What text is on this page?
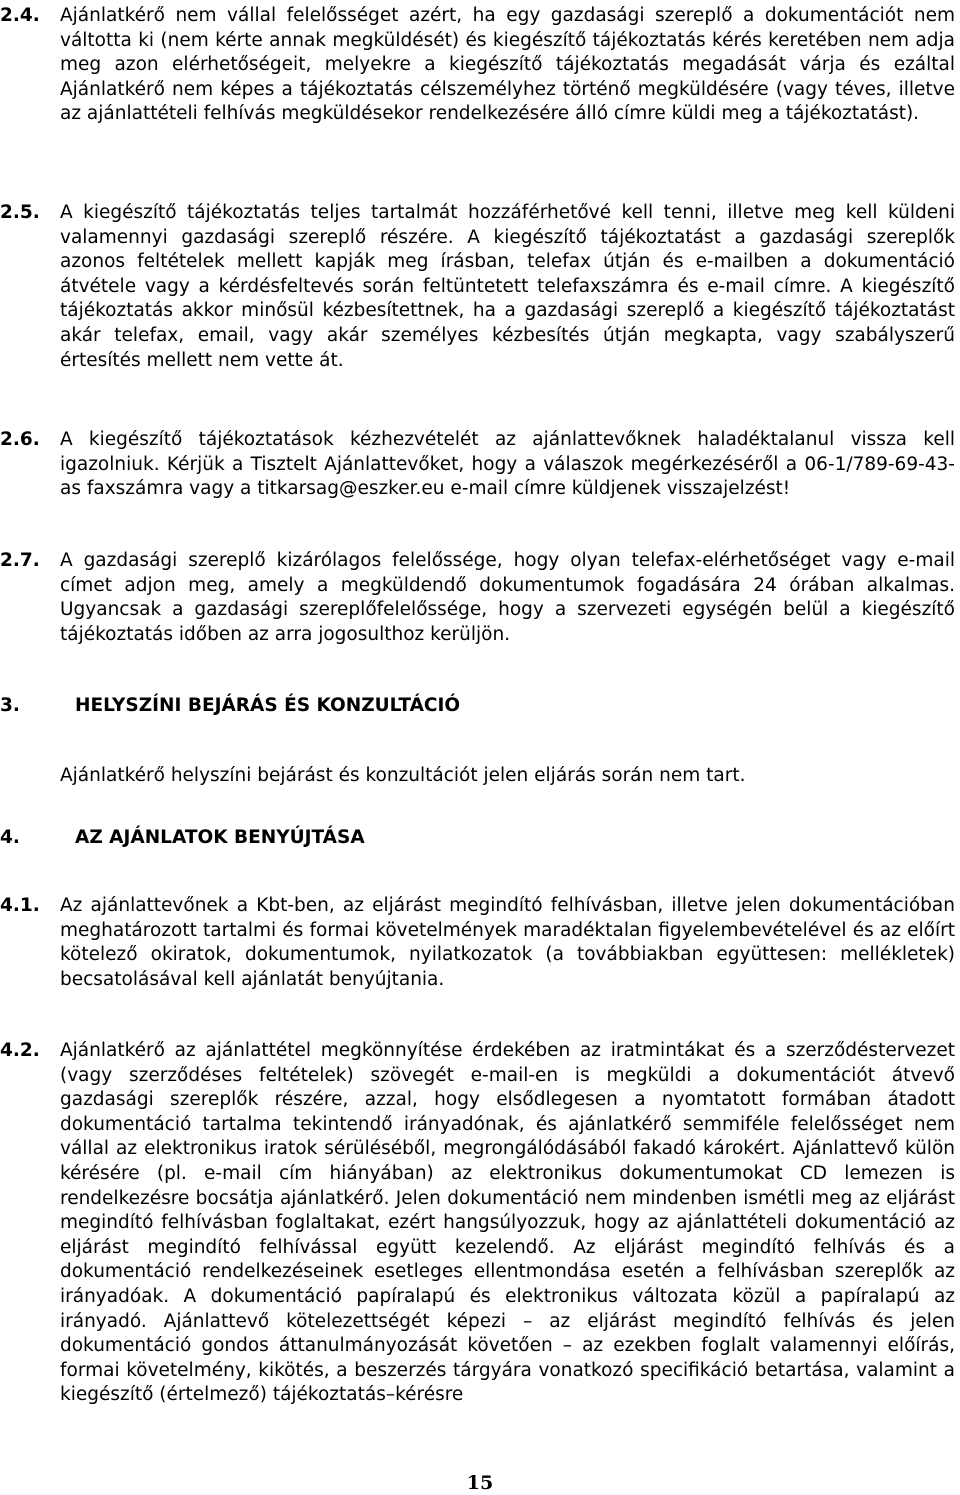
2.4. Ajánlatkérő nem vállal felelősséget azért, ha egy gazdasági szereplő a dokumentációt nem váltotta ki (nem kérte annak megküldését) és kiegészítő tájékoztatás kérés keretében nem adja meg azon elérhetőségeit, melyekre a kiegészítő tájékoztatás megadását várja és ezáltal Ajánlatkérő nem képes a tájékoztatás célszemélyhez történő megküldésére (vagy téves, illetve az ajánlattételi felhívás megküldésekor rendelkezésére álló címre küldi meg a tájékoztatást).
2.5. A kiegészítő tájékoztatás teljes tartalmát hozzáférhetővé kell tenni, illetve meg kell küldeni valamennyi gazdasági szereplő részére. A kiegészítő tájékoztatást a gazdasági szereplők azonos feltételek mellett kapják meg írásban, telefax útján és e-mailben a dokumentáció átvétele vagy a kérdésfeltevés során feltüntetett telefaxszámra és e-mail címre. A kiegészítő tájékoztatás akkor minősül kézbesítettnek, ha a gazdasági szereplő a kiegészítő tájékoztatást akár telefax, email, vagy akár személyes kézbesítés útján megkapta, vagy szabályszerű értesítés mellett nem vette át.
2.6. A kiegészítő tájékoztatások kézhezvételét az ajánlattevőknek haladéktalanul vissza kell igazolniuk. Kérjük a Tisztelt Ajánlattevőket, hogy a válaszok megérkezéséről a 06-1/789-69-43-as faxszámra vagy a titkarsag@eszker.eu e-mail címre küldjenek visszajelzést!
2.7. A gazdasági szereplő kizárólagos felelőssége, hogy olyan telefax-elérhetőséget vagy e-mail címet adjon meg, amely a megküldendő dokumentumok fogadására 24 órában alkalmas. Ugyancsak a gazdasági szereplőfelelőssége, hogy a szervezeti egységén belül a kiegészítő tájékoztatás időben az arra jogosulthoz kerüljön.
3.	HELYSZÍNI BEJÁRÁS ÉS KONZULTÁCIÓ
Ajánlatkérő helyszíni bejárást és konzultációt jelen eljárás során nem tart.
4.	AZ AJÁNLATOK BENYÚJTÁSA
4.1. Az ajánlattevőnek a Kbt-ben, az eljárást megindító felhívásban, illetve jelen dokumentációban meghatározott tartalmi és formai követelmények maradéktalan figyelembevételével és az előírt kötelező okiratok, dokumentumok, nyilatkozatok (a továbbiakban együttesen: mellékletek) becsatolásával kell ajánlatát benyújtania.
4.2. Ajánlatkérő az ajánlattétel megkönnyítése érdekében az iratmintákat és a szerződéstervezet (vagy szerződéses feltételek) szövegét e-mail-en is megküldi a dokumentációt átvevő gazdasági szereplők részére, azzal, hogy elsődlegesen a nyomtatott formában átadott dokumentáció tartalma tekintendő irányadónak, és ajánlatkérő semmiféle felelősséget nem vállal az elektronikus iratok sérüléséből, megrongálódásából fakadó károkért. Ajánlattevő külön kérésére (pl. e-mail cím hiányában) az elektronikus dokumentumokat CD lemezen is rendelkezésre bocsátja ajánlatkérő. Jelen dokumentáció nem mindenben ismétli meg az eljárást megindító felhívásban foglaltakat, ezért hangsúlyozzuk, hogy az ajánlattételi dokumentáció az eljárást megindító felhívással együtt kezelendő. Az eljárást megindító felhívás és a dokumentáció rendelkezéseinek esetleges ellentmondása esetén a felhívásban szereplők az irányadóak. A dokumentáció papíralapú és elektronikus változata közül a papíralapú az irányadó. Ajánlattevő kötelezettségét képezi – az eljárást megindító felhívás és jelen dokumentáció gondos áttanulmányozását követően – az ezekben foglalt valamennyi előírás, formai követelmény, kikötés, a beszerzés tárgyára vonatkozó specifikáció betartása, valamint a kiegészítő (értelmező) tájékoztatás–kérésre
15
